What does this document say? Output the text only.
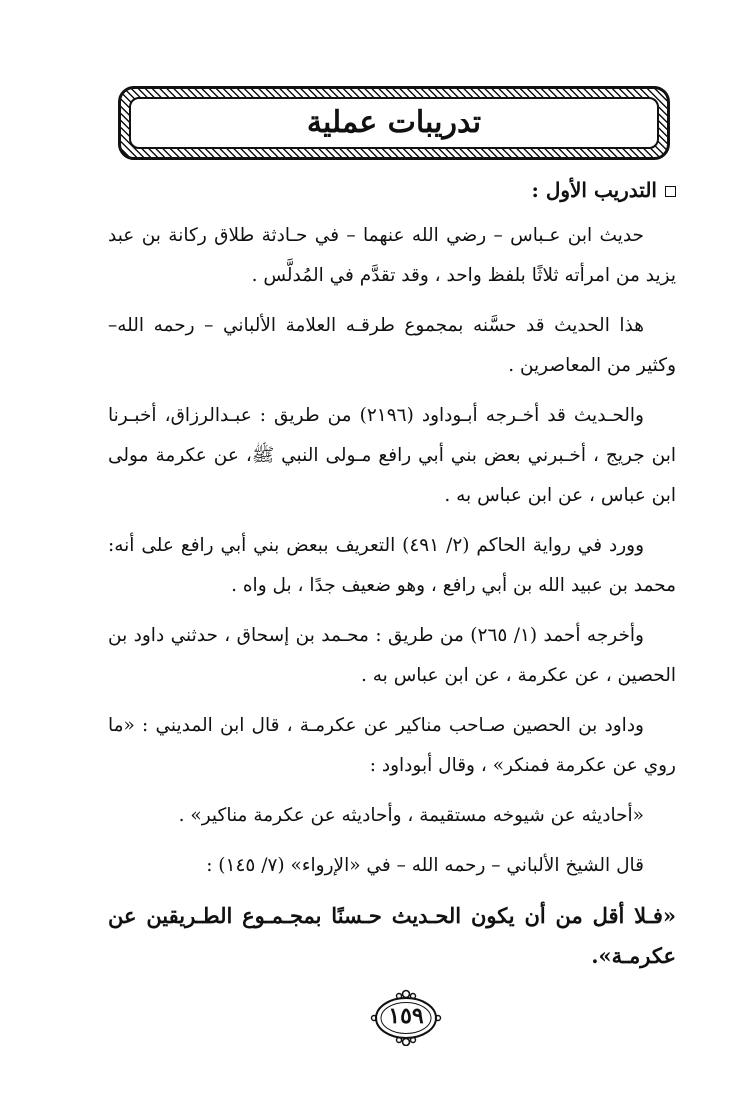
تدريبات عملية

التدريب الأول :

حديث ابن عـباس – رضي الله عنهما – في حـادثة طلاق ركانة بن عبد يزيد من امرأته ثلاثًا بلفظ واحد ، وقد تقدَّم في المُدلَّس .

هذا الحديث قد حسَّنه بمجموع طرقـه العلامة الألباني – رحمه الله– وكثير من المعاصرين .

والحـديث قد أخـرجه أبـوداود (٢١٩٦) من طريق : عبـدالرزاق، أخبـرنا ابن جريج ، أخـبرني بعض بني أبي رافع مـولى النبي ﷺ، عن عكرمة مولى ابن عباس ، عن ابن عباس به .

وورد في رواية الحاكم (٢/ ٤٩١) التعريف ببعض بني أبي رافع على أنه: محمد بن عبيد الله بن أبي رافع ، وهو ضعيف جدًا ، بل واه .

وأخرجه أحمد (١/ ٢٦٥) من طريق : محـمد بن إسحاق ، حدثني داود بن الحصين ، عن عكرمة ، عن ابن عباس به .

وداود بن الحصين صـاحب مناكير عن عكرمـة ، قال ابن المديني : «ما روي عن عكرمة فمنكر» ، وقال أبوداود :

«أحاديثه عن شيوخه مستقيمة ، وأحاديثه عن عكرمة مناكير» .

قال الشيخ الألباني – رحمه الله – في «الإرواء» (٧/ ١٤٥) :

«فـلا أقل من أن يكون الحـديث حـسنًا بمجـمـوع الطـريقين عن عكرمـة».

١٥٩
